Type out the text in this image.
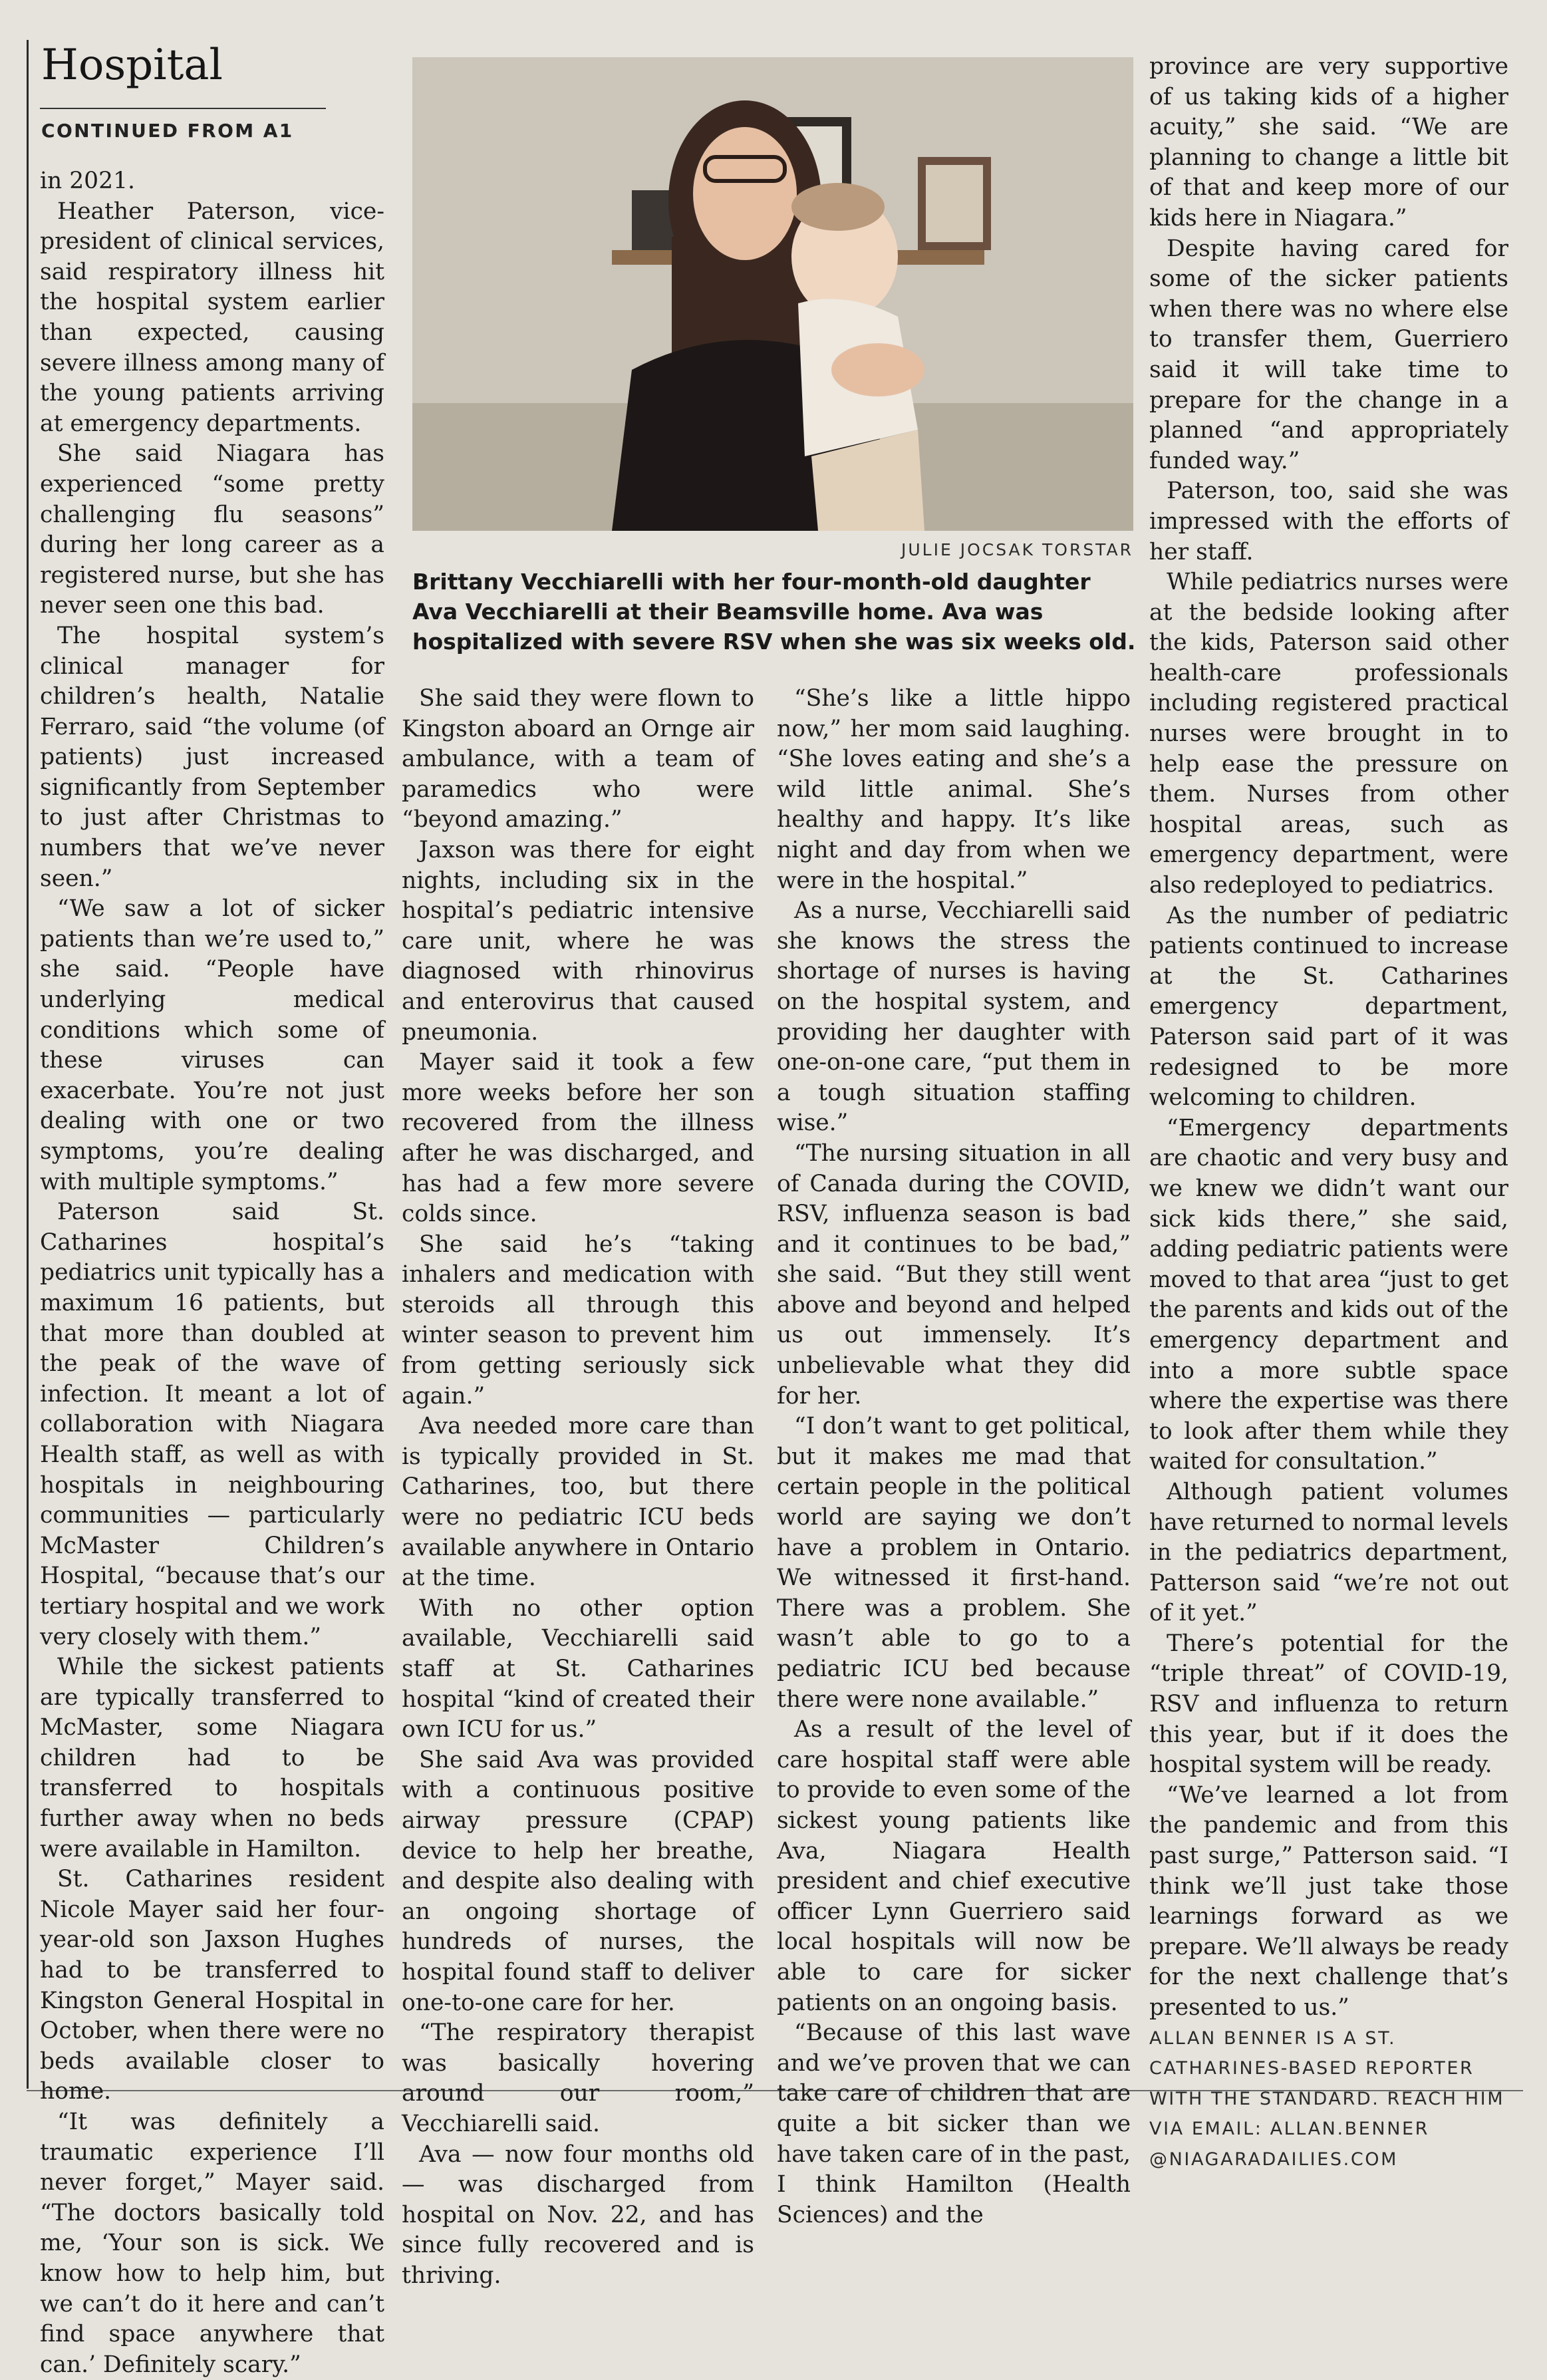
Hospital
CONTINUED FROM A1
JULIE JOCSAK TORSTAR
Brittany Vecchiarelli with her four-month-old daughter Ava Vecchiarelli at their Beamsville home. Ava was hospitalized with severe RSV when she was six weeks old.

in 2021.

Heather Paterson, vice-president of clinical services, said respiratory illness hit the hospital system earlier than expected, causing severe illness among many of the young patients arriving at emergency departments.

She said Niagara has experienced “some pretty challenging flu seasons” during her long career as a registered nurse, but she has never seen one this bad.

The hospital system’s clinical manager for children’s health, Natalie Ferraro, said “the volume (of patients) just increased significantly from September to just after Christmas to numbers that we’ve never seen.”

“We saw a lot of sicker patients than we’re used to,” she said. “People have underlying medical conditions which some of these viruses can exacerbate. You’re not just dealing with one or two symptoms, you’re dealing with multiple symptoms.”

Paterson said St. Catharines hospital’s pediatrics unit typically has a maximum 16 patients, but that more than doubled at the peak of the wave of infection. It meant a lot of collaboration with Niagara Health staff, as well as with hospitals in neighbouring communities — particularly McMaster Children’s Hospital, “because that’s our tertiary hospital and we work very closely with them.”

While the sickest patients are typically transferred to McMaster, some Niagara children had to be transferred to hospitals further away when no beds were available in Hamilton.

St. Catharines resident Nicole Mayer said her four-year-old son Jaxson Hughes had to be transferred to Kingston General Hospital in October, when there were no beds available closer to home.

“It was definitely a traumatic experience I’ll never forget,” Mayer said. “The doctors basically told me, ‘Your son is sick. We know how to help him, but we can’t do it here and can’t find space anywhere that can.’ Definitely scary.”

She said they were flown to Kingston aboard an Ornge air ambulance, with a team of paramedics who were “beyond amazing.”

Jaxson was there for eight nights, including six in the hospital’s pediatric intensive care unit, where he was diagnosed with rhinovirus and enterovirus that caused pneumonia.

Mayer said it took a few more weeks before her son recovered from the illness after he was discharged, and has had a few more severe colds since.

She said he’s “taking inhalers and medication with steroids all through this winter season to prevent him from getting seriously sick again.”

Ava needed more care than is typically provided in St. Catharines, too, but there were no pediatric ICU beds available anywhere in Ontario at the time.

With no other option available, Vecchiarelli said staff at St. Catharines hospital “kind of created their own ICU for us.”

She said Ava was provided with a continuous positive airway pressure (CPAP) device to help her breathe, and despite also dealing with an ongoing shortage of hundreds of nurses, the hospital found staff to deliver one-to-one care for her.

“The respiratory therapist was basically hovering around our room,” Vecchiarelli said.

Ava — now four months old — was discharged from hospital on Nov. 22, and has since fully recovered and is thriving.

“She’s like a little hippo now,” her mom said laughing. “She loves eating and she’s a wild little animal. She’s healthy and happy. It’s like night and day from when we were in the hospital.”

As a nurse, Vecchiarelli said she knows the stress the shortage of nurses is having on the hospital system, and providing her daughter with one-on-one care, “put them in a tough situation staffing wise.”

“The nursing situation in all of Canada during the COVID, RSV, influenza season is bad and it continues to be bad,” she said. “But they still went above and beyond and helped us out immensely. It’s unbelievable what they did for her.

“I don’t want to get political, but it makes me mad that certain people in the political world are saying we don’t have a problem in Ontario. We witnessed it first-hand. There was a problem. She wasn’t able to go to a pediatric ICU bed because there were none available.”

As a result of the level of care hospital staff were able to provide to even some of the sickest young patients like Ava, Niagara Health president and chief executive officer Lynn Guerriero said local hospitals will now be able to care for sicker patients on an ongoing basis.

“Because of this last wave and we’ve proven that we can take care of children that are quite a bit sicker than we have taken care of in the past, I think Hamilton (Health Sciences) and the

province are very supportive of us taking kids of a higher acuity,” she said. “We are planning to change a little bit of that and keep more of our kids here in Niagara.”

Despite having cared for some of the sicker patients when there was no where else to transfer them, Guerriero said it will take time to prepare for the change in a planned “and appropriately funded way.”

Paterson, too, said she was impressed with the efforts of her staff.

While pediatrics nurses were at the bedside looking after the kids, Paterson said other health-care professionals including registered practical nurses were brought in to help ease the pressure on them. Nurses from other hospital areas, such as emergency department, were also redeployed to pediatrics.

As the number of pediatric patients continued to increase at the St. Catharines emergency department, Paterson said part of it was redesigned to be more welcoming to children.

“Emergency departments are chaotic and very busy and we knew we didn’t want our sick kids there,” she said, adding pediatric patients were moved to that area “just to get the parents and kids out of the emergency department and into a more subtle space where the expertise was there to look after them while they waited for consultation.”

Although patient volumes have returned to normal levels in the pediatrics department, Patterson said “we’re not out of it yet.”

There’s potential for the “triple threat” of COVID-19, RSV and influenza to return this year, but if it does the hospital system will be ready.

“We’ve learned a lot from the pandemic and from this past surge,” Patterson said. “I think we’ll just take those learnings forward as we prepare. We’ll always be ready for the next challenge that’s presented to us.”

ALLAN BENNER IS A ST. CATHARINES-BASED REPORTER WITH THE STANDARD. REACH HIM VIA EMAIL: ALLAN.BENNER @NIAGARADAILIES.COM
